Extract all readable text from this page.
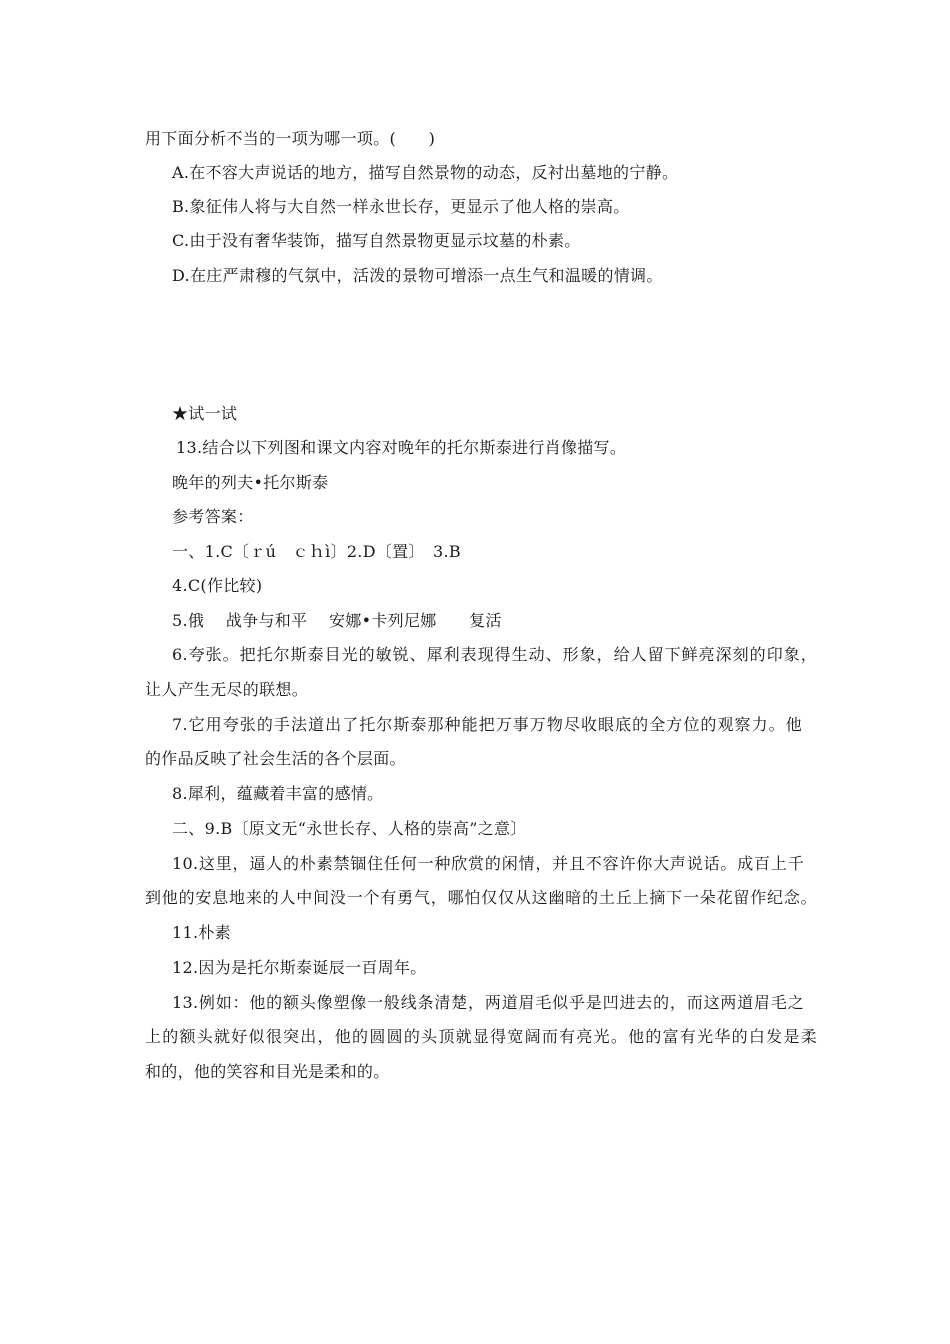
用下面分析不当的一项为哪一项。(　　)
A.在不容大声说话的地方，描写自然景物的动态，反衬出墓地的宁静。
B.象征伟人将与大自然一样永世长存，更显示了他人格的崇高。
C.由于没有奢华装饰，描写自然景物更显示坟墓的朴素。
D.在庄严肃穆的气氛中，活泼的景物可增添一点生气和温暖的情调。
★试一试
13.结合以下列图和课文内容对晚年的托尔斯泰进行肖像描写。
晚年的列夫•托尔斯泰
参考答案：
一、1.C〔ｒú　ｃｈì〕2.D〔置〕　3.B
4.C(作比较)
5.俄　 战争与和平　 安娜•卡列尼娜　　复活
6.夸张。把托尔斯泰目光的敏锐、犀利表现得生动、形象，给人留下鲜亮深刻的印象，
让人产生无尽的联想。
7.它用夸张的手法道出了托尔斯泰那种能把万事万物尽收眼底的全方位的观察力。他
的作品反映了社会生活的各个层面。
8.犀利，蕴藏着丰富的感情。
二、9.B〔原文无“永世长存、人格的崇高”之意〕
10.这里，逼人的朴素禁锢住任何一种欣赏的闲情，并且不容许你大声说话。成百上千
到他的安息地来的人中间没一个有勇气，哪怕仅仅从这幽暗的土丘上摘下一朵花留作纪念。
11.朴素
12.因为是托尔斯泰诞辰一百周年。
13.例如：他的额头像塑像一般线条清楚，两道眉毛似乎是凹进去的，而这两道眉毛之
上的额头就好似很突出，他的圆圆的头顶就显得宽阔而有亮光。他的富有光华的白发是柔
和的，他的笑容和目光是柔和的。
